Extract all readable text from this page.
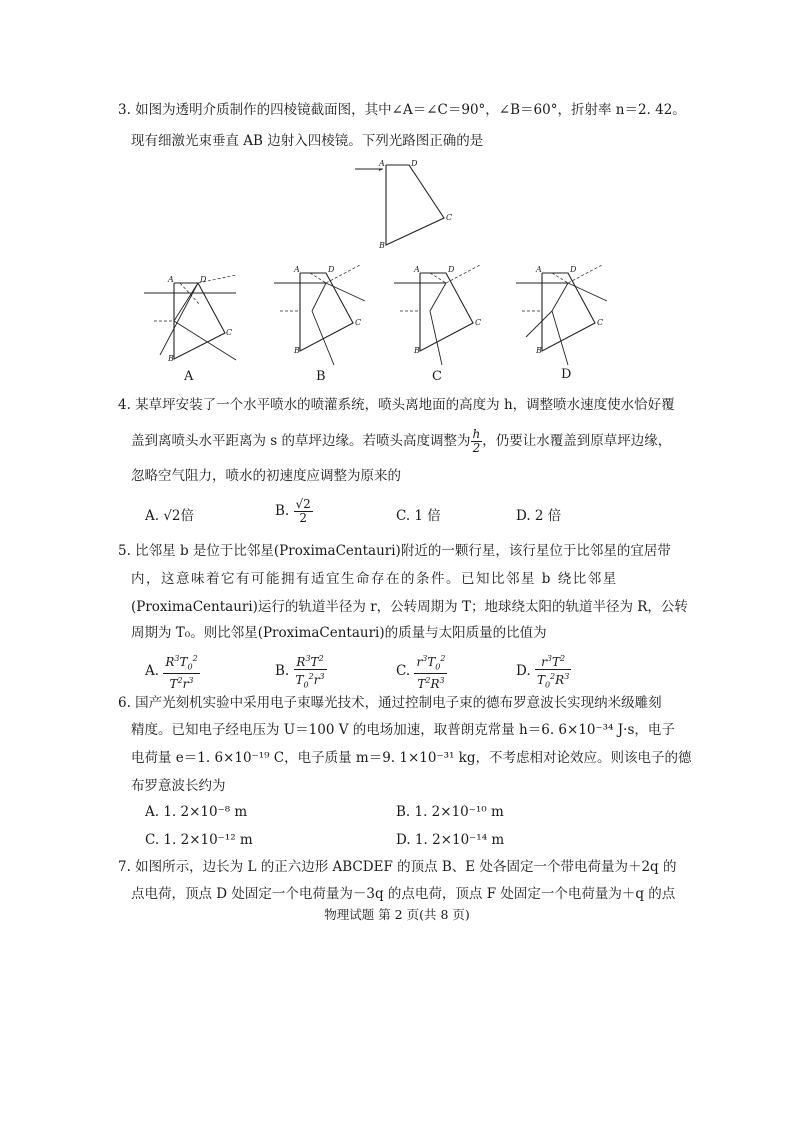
3. 如图为透明介质制作的四棱镜截面图，其中∠A＝∠C＝90°，∠B＝60°，折射率 n＝2. 42。
现有细激光束垂直 AB 边射入四棱镜。下列光路图正确的是
A	D
C
B
A	D
C
B
A	D
C
B
A	D
C
B
A	D
C
B
A	B	C	D
4. 某草坪安装了一个水平喷水的喷灌系统，喷头离地面的高度为 h，调整喷水速度使水恰好覆
盖到离喷头水平距离为 s 的草坪边缘。若喷头高度调整为 $\frac{h}{2}$ ，仍要让水覆盖到原草坪边缘，
忽略空气阻力，喷水的初速度应调整为原来的
A. √2倍	B. $\frac{√2}{2}$	C. 1 倍	D. 2 倍
5. 比邻星 b 是位于比邻星(ProximaCentauri)附近的一颗行星，该行星位于比邻星的宜居带
内，这意味着它有可能拥有适宜生命存在的条件。已知比邻星 b 绕比邻星
(ProximaCentauri)运行的轨道半径为 r，公转周期为 T；地球绕太阳的轨道半径为 R，公转
周期为 T₀。则比邻星(ProximaCentauri)的质量与太阳质量的比值为
A. $\frac{R^3T_0^2}{T^2r^3}$	B. $\frac{R^3T^2}{T_0^2r^3}$	C. $\frac{r^3T_0^2}{T^2R^3}$	D. $\frac{r^3T^2}{T_0^2R^3}$
6. 国产光刻机实验中采用电子束曝光技术，通过控制电子束的德布罗意波长实现纳米级雕刻
精度。已知电子经电压为 U＝100 V 的电场加速，取普朗克常量 h＝6. 6×10⁻³⁴ J·s，电子
电荷量 e＝1. 6×10⁻¹⁹ C，电子质量 m＝9. 1×10⁻³¹ kg，不考虑相对论效应。则该电子的德
布罗意波长约为
A. 1. 2×10⁻⁸ m	B. 1. 2×10⁻¹⁰ m
C. 1. 2×10⁻¹² m	D. 1. 2×10⁻¹⁴ m
7. 如图所示，边长为 L 的正六边形 ABCDEF 的顶点 B、E 处各固定一个带电荷量为＋2q 的
点电荷，顶点 D 处固定一个电荷量为－3q 的点电荷，顶点 F 处固定一个电荷量为＋q 的点
物理试题 第 2 页(共 8 页)
